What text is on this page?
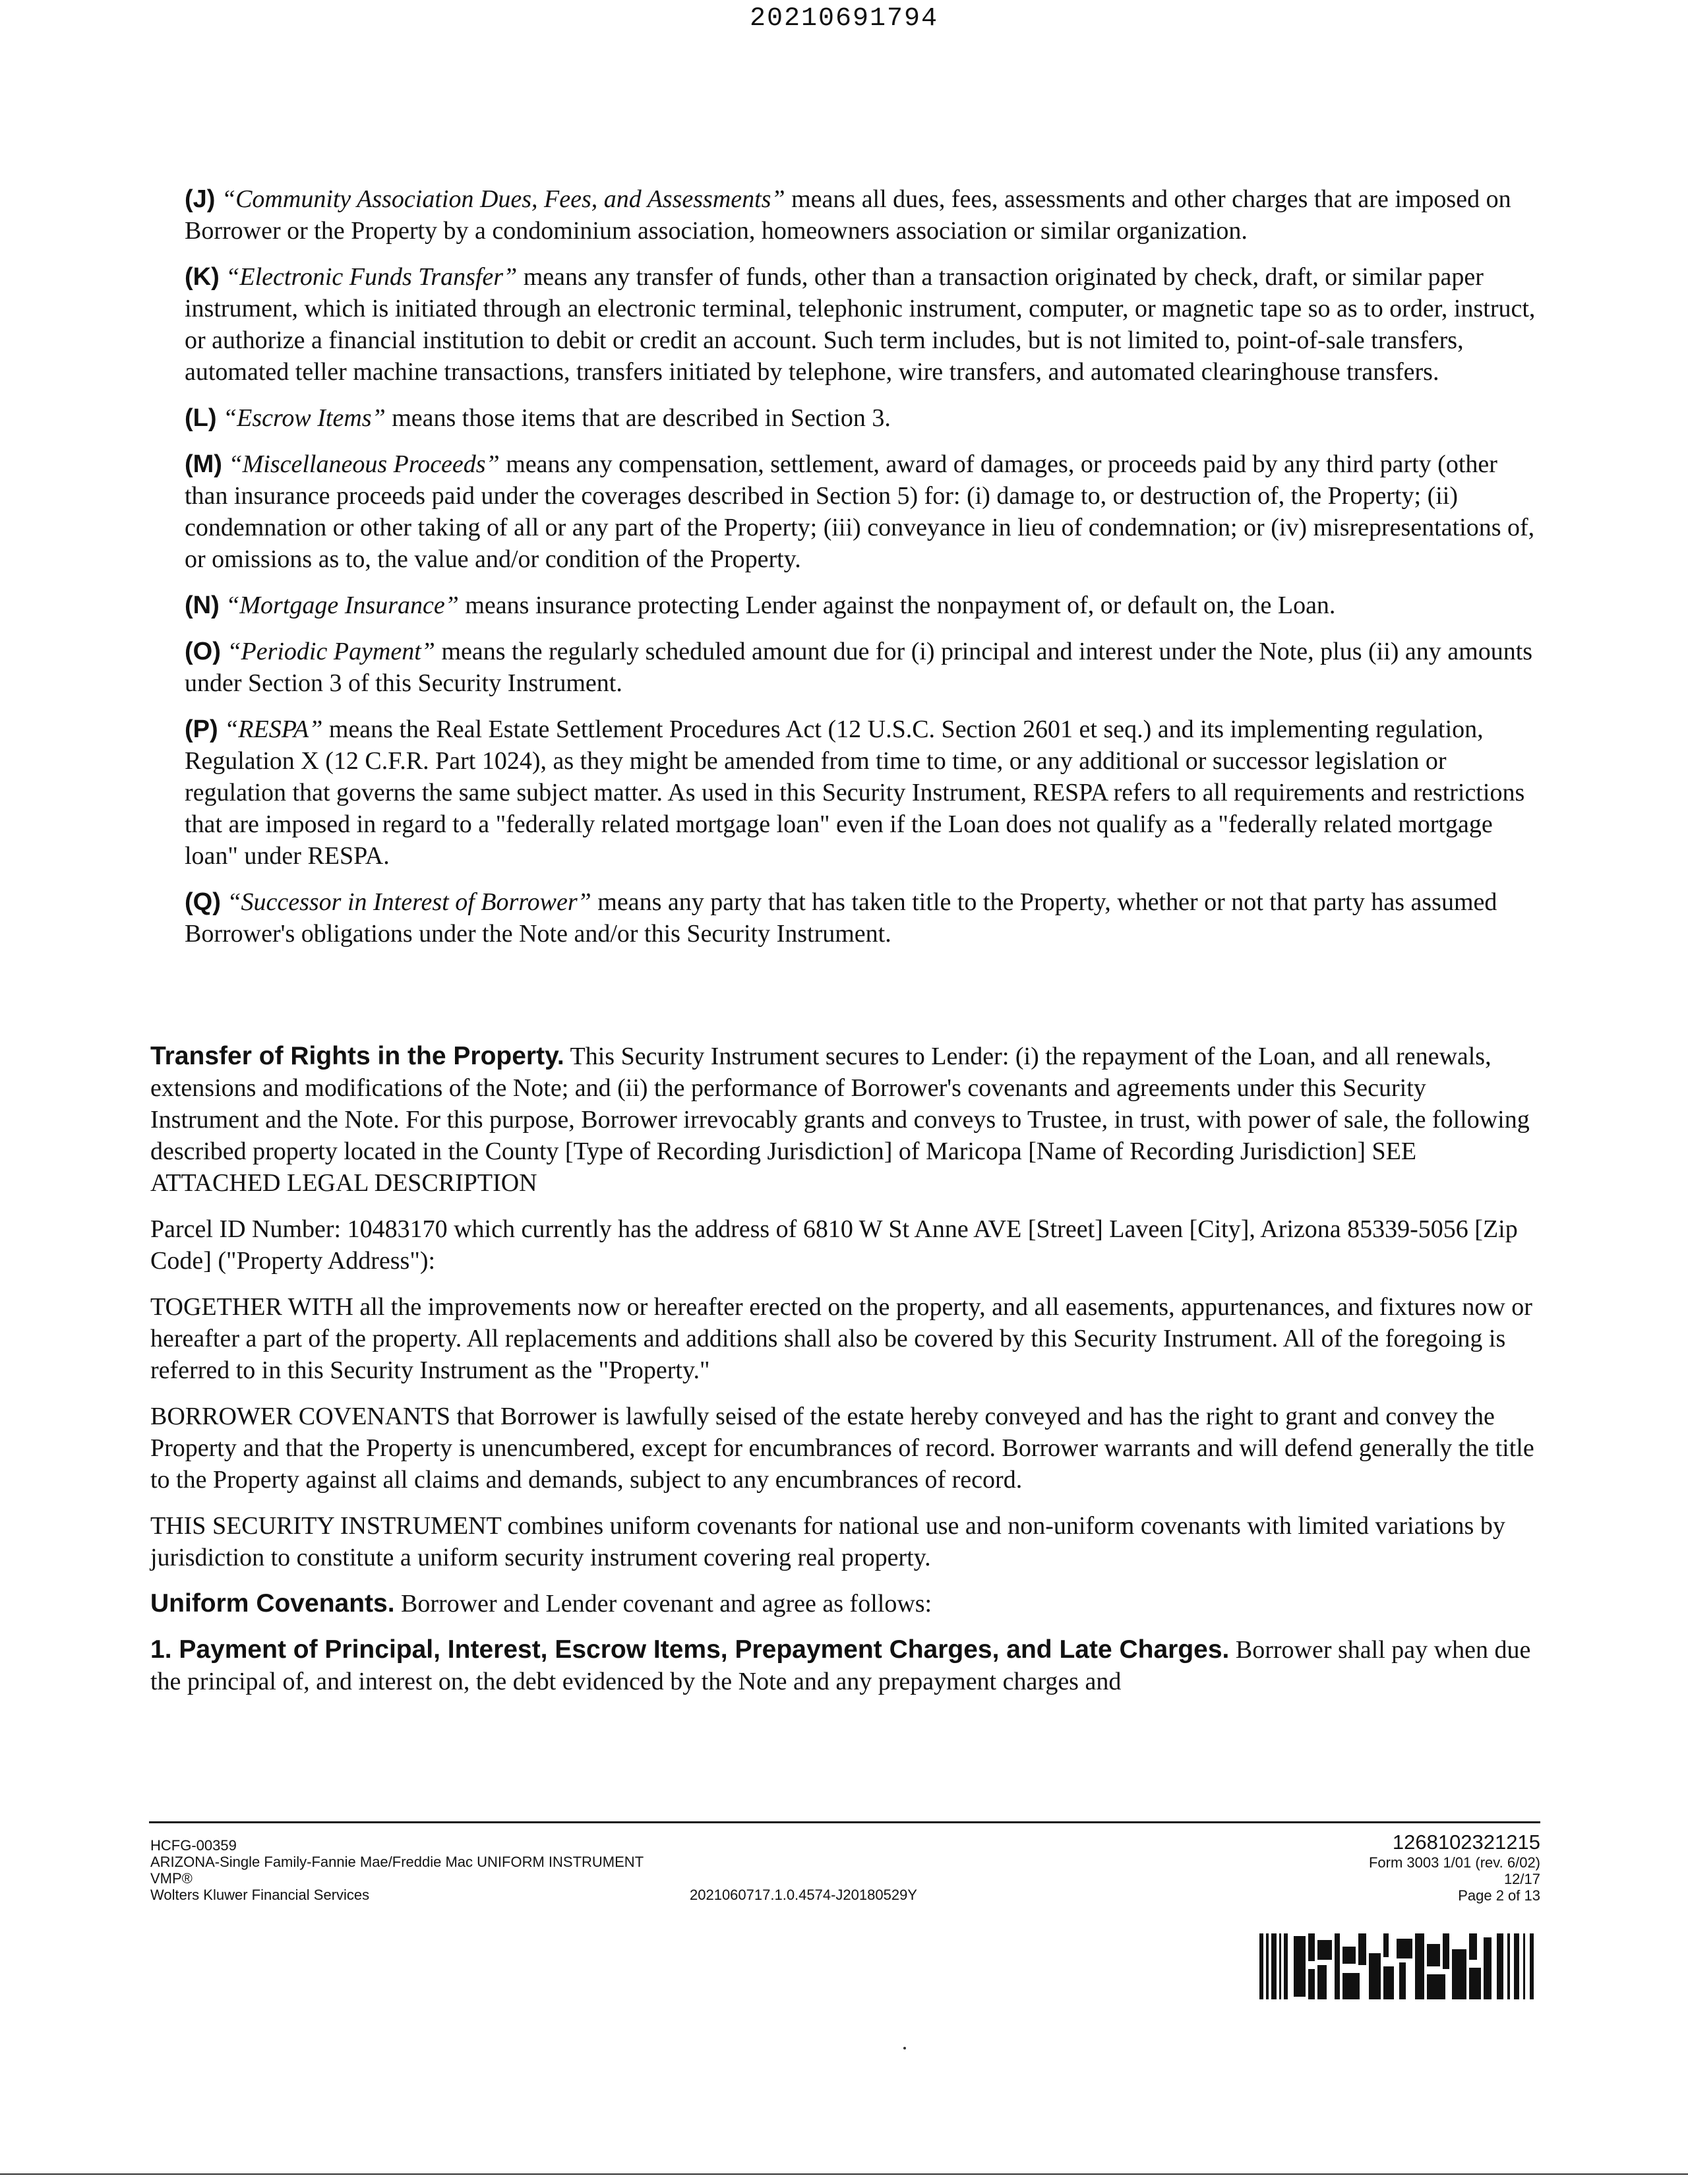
20210691794

(J) “Community Association Dues, Fees, and Assessments” means all dues, fees, assessments and other charges that are imposed on Borrower or the Property by a condominium association, homeowners association or similar organization.

(K) “Electronic Funds Transfer” means any transfer of funds, other than a transaction originated by check, draft, or similar paper instrument, which is initiated through an electronic terminal, telephonic instrument, computer, or magnetic tape so as to order, instruct, or authorize a financial institution to debit or credit an account. Such term includes, but is not limited to, point-of-sale transfers, automated teller machine transactions, transfers initiated by telephone, wire transfers, and automated clearinghouse transfers.

(L) “Escrow Items” means those items that are described in Section 3.

(M) “Miscellaneous Proceeds” means any compensation, settlement, award of damages, or proceeds paid by any third party (other than insurance proceeds paid under the coverages described in Section 5) for: (i) damage to, or destruction of, the Property; (ii) condemnation or other taking of all or any part of the Property; (iii) conveyance in lieu of condemnation; or (iv) misrepresentations of, or omissions as to, the value and/or condition of the Property.

(N) “Mortgage Insurance” means insurance protecting Lender against the nonpayment of, or default on, the Loan.

(O) “Periodic Payment” means the regularly scheduled amount due for (i) principal and interest under the Note, plus (ii) any amounts under Section 3 of this Security Instrument.

(P) “RESPA” means the Real Estate Settlement Procedures Act (12 U.S.C. Section 2601 et seq.) and its implementing regulation, Regulation X (12 C.F.R. Part 1024), as they might be amended from time to time, or any additional or successor legislation or regulation that governs the same subject matter. As used in this Security Instrument, RESPA refers to all requirements and restrictions that are imposed in regard to a "federally related mortgage loan" even if the Loan does not qualify as a "federally related mortgage loan" under RESPA.

(Q) “Successor in Interest of Borrower” means any party that has taken title to the Property, whether or not that party has assumed Borrower's obligations under the Note and/or this Security Instrument.

Transfer of Rights in the Property. This Security Instrument secures to Lender: (i) the repayment of the Loan, and all renewals, extensions and modifications of the Note; and (ii) the performance of Borrower's covenants and agreements under this Security Instrument and the Note. For this purpose, Borrower irrevocably grants and conveys to Trustee, in trust, with power of sale, the following described property located in the County [Type of Recording Jurisdiction] of Maricopa [Name of Recording Jurisdiction] SEE ATTACHED LEGAL DESCRIPTION

Parcel ID Number: 10483170 which currently has the address of 6810 W St Anne AVE [Street] Laveen [City], Arizona 85339-5056 [Zip Code] ("Property Address"):

TOGETHER WITH all the improvements now or hereafter erected on the property, and all easements, appurtenances, and fixtures now or hereafter a part of the property. All replacements and additions shall also be covered by this Security Instrument. All of the foregoing is referred to in this Security Instrument as the "Property."

BORROWER COVENANTS that Borrower is lawfully seised of the estate hereby conveyed and has the right to grant and convey the Property and that the Property is unencumbered, except for encumbrances of record. Borrower warrants and will defend generally the title to the Property against all claims and demands, subject to any encumbrances of record.

THIS SECURITY INSTRUMENT combines uniform covenants for national use and non-uniform covenants with limited variations by jurisdiction to constitute a uniform security instrument covering real property.

Uniform Covenants. Borrower and Lender covenant and agree as follows:

1. Payment of Principal, Interest, Escrow Items, Prepayment Charges, and Late Charges. Borrower shall pay when due the principal of, and interest on, the debt evidenced by the Note and any prepayment charges and

HCFG-00359
ARIZONA-Single Family-Fannie Mae/Freddie Mac UNIFORM INSTRUMENT
VMP®
Wolters Kluwer Financial Services	2021060717.1.0.4574-J20180529Y
1268102321215
Form 3003 1/01 (rev. 6/02)
12/17
Page 2 of 13
